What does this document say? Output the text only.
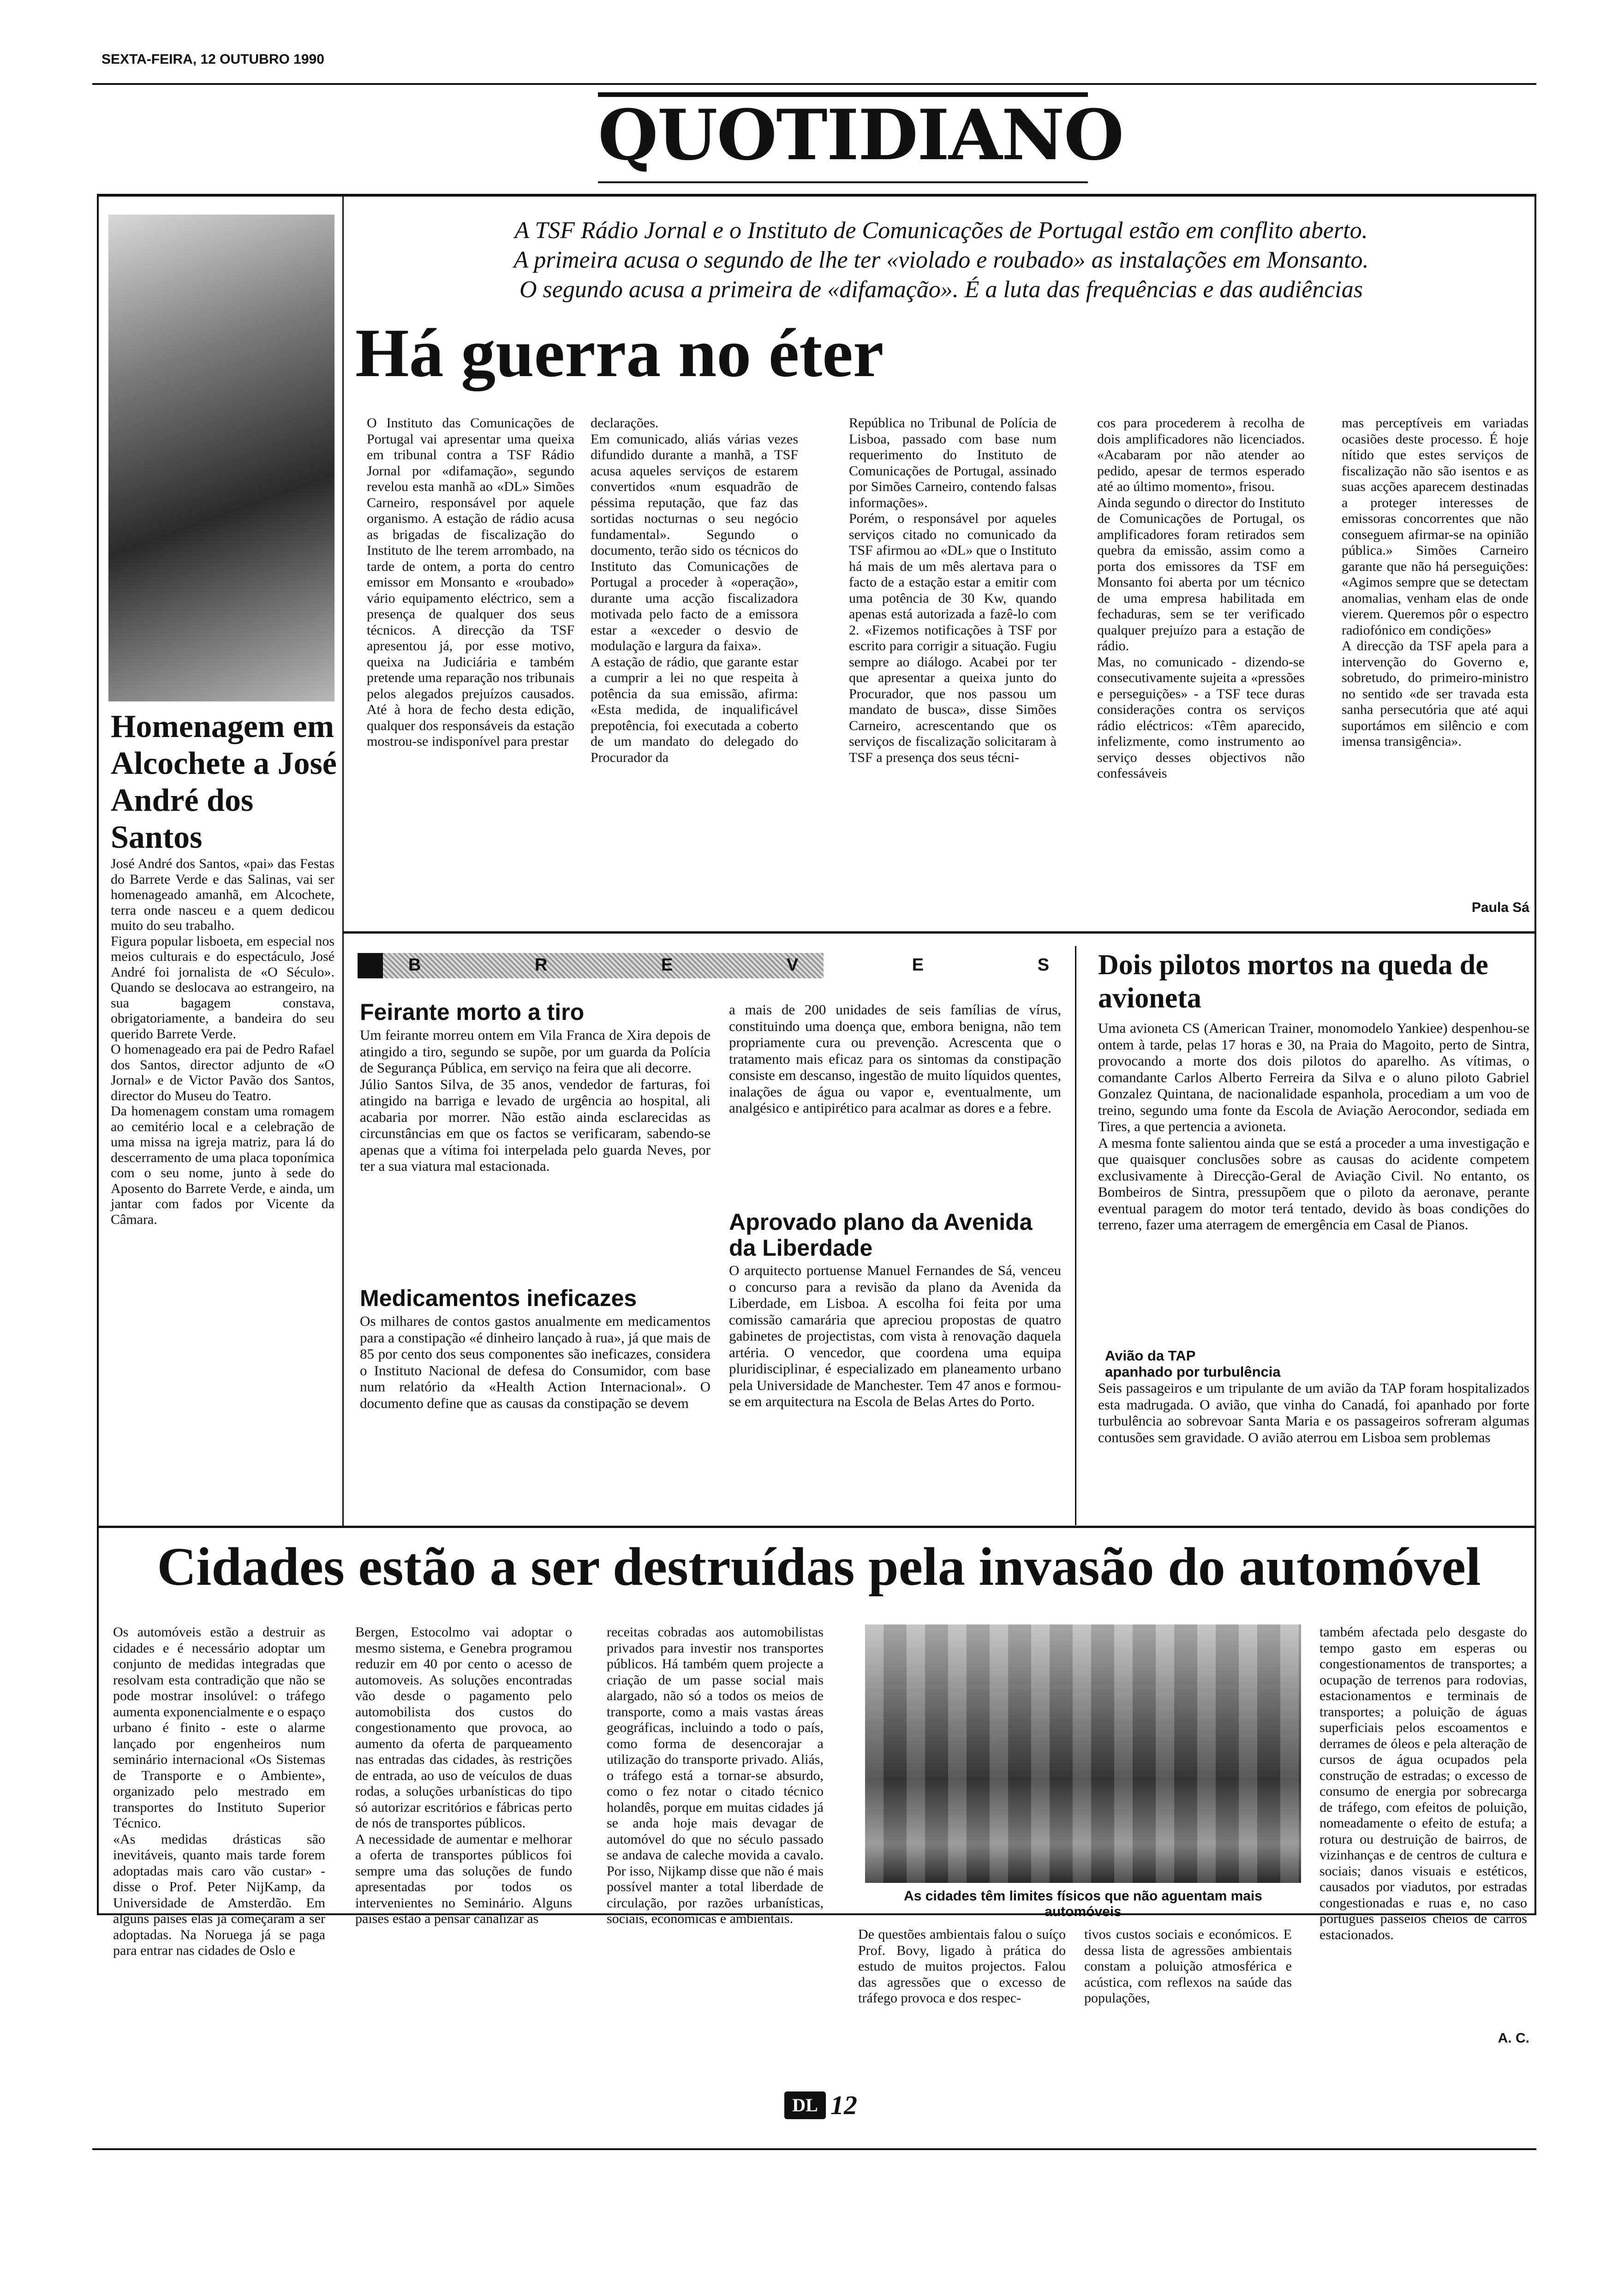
SEXTA-FEIRA, 12 OUTUBRO 1990
QUOTIDIANO
Homenagem em Alcochete a José André dos Santos
José André dos Santos, «pai» das Festas do Barrete Verde e das Salinas, vai ser homenageado amanhã, em Alcochete, terra onde nasceu e a quem dedicou muito do seu trabalho.
Figura popular lisboeta, em especial nos meios culturais e do espectáculo, José André foi jornalista de «O Século». Quando se deslocava ao estrangeiro, na sua bagagem constava, obrigatoriamente, a bandeira do seu querido Barrete Verde.
O homenageado era pai de Pedro Rafael dos Santos, director adjunto de «O Jornal» e de Victor Pavão dos Santos, director do Museu do Teatro.
Da homenagem constam uma romagem ao cemitério local e a celebração de uma missa na igreja matriz, para lá do descerramento de uma placa toponímica com o seu nome, junto à sede do Aposento do Barrete Verde, e ainda, um jantar com fados por Vicente da Câmara.
A TSF Rádio Jornal e o Instituto de Comunicações de Portugal estão em conflito aberto.
A primeira acusa o segundo de lhe ter «violado e roubado» as instalações em Monsanto.
O segundo acusa a primeira de «difamação». É a luta das frequências e das audiências
Há guerra no éter
O Instituto das Comunicações de Portugal vai apresentar uma queixa em tribunal contra a TSF Rádio Jornal por «difamação», segundo revelou esta manhã ao «DL» Simões Carneiro, responsável por aquele organismo. A estação de rádio acusa as brigadas de fiscalização do Instituto de lhe terem arrombado, na tarde de ontem, a porta do centro emissor em Monsanto e «roubado» vário equipamento eléctrico, sem a presença de qualquer dos seus técnicos. A direcção da TSF apresentou já, por esse motivo, queixa na Judiciária e também pretende uma reparação nos tribunais pelos alegados prejuízos causados. Até à hora de fecho desta edição, qualquer dos responsáveis da estação mostrou-se indisponível para prestar
declarações.
Em comunicado, aliás várias vezes difundido durante a manhã, a TSF acusa aqueles serviços de estarem convertidos «num esquadrão de péssima reputação, que faz das sortidas nocturnas o seu negócio fundamental». Segundo o documento, terão sido os técnicos do Instituto das Comunicações de Portugal a proceder à «operação», durante uma acção fiscalizadora motivada pelo facto de a emissora estar a «exceder o desvio de modulação e largura da faixa».
A estação de rádio, que garante estar a cumprir a lei no que respeita à potência da sua emissão, afirma: «Esta medida, de inqualificável prepotência, foi executada a coberto de um mandato do delegado do Procurador da
República no Tribunal de Polícia de Lisboa, passado com base num requerimento do Instituto de Comunicações de Portugal, assinado por Simões Carneiro, contendo falsas informações».
Porém, o responsável por aqueles serviços citado no comunicado da TSF afirmou ao «DL» que o Instituto há mais de um mês alertava para o facto de a estação estar a emitir com uma potência de 30 Kw, quando apenas está autorizada a fazê-lo com 2. «Fizemos notificações à TSF por escrito para corrigir a situação. Fugiu sempre ao diálogo. Acabei por ter que apresentar a queixa junto do Procurador, que nos passou um mandato de busca», disse Simões Carneiro, acrescentando que os serviços de fiscalização solicitaram à TSF a presença dos seus técni-
cos para procederem à recolha de dois amplificadores não licenciados. «Acabaram por não atender ao pedido, apesar de termos esperado até ao último momento», frisou.
Ainda segundo o director do Instituto de Comunicações de Portugal, os amplificadores foram retirados sem quebra da emissão, assim como a porta dos emissores da TSF em Monsanto foi aberta por um técnico de uma empresa habilitada em fechaduras, sem se ter verificado qualquer prejuízo para a estação de rádio.
Mas, no comunicado - dizendo-se consecutivamente sujeita a «pressões e perseguições» - a TSF tece duras considerações contra os serviços rádio eléctricos: «Têm aparecido, infelizmente, como instrumento ao serviço desses objectivos não confessáveis
mas perceptíveis em variadas ocasiões deste processo. É hoje nítido que estes serviços de fiscalização não são isentos e as suas acções aparecem destinadas a proteger interesses de emissoras concorrentes que não conseguem afirmar-se na opinião pública.» Simões Carneiro garante que não há perseguições: «Agimos sempre que se detectam anomalias, venham elas de onde vierem. Queremos pôr o espectro radiofónico em condições»
A direcção da TSF apela para a intervenção do Governo e, sobretudo, do primeiro-ministro no sentido «de ser travada esta sanha persecutória que até aqui suportámos em silêncio e com imensa transigência».
Paula Sá
B R E V E S
Feirante morto a tiro
Um feirante morreu ontem em Vila Franca de Xira depois de atingido a tiro, segundo se supõe, por um guarda da Polícia de Segurança Pública, em serviço na feira que ali decorre.
Júlio Santos Silva, de 35 anos, vendedor de farturas, foi atingido na barriga e levado de urgência ao hospital, ali acabaria por morrer. Não estão ainda esclarecidas as circunstâncias em que os factos se verificaram, sabendo-se apenas que a vítima foi interpelada pelo guarda Neves, por ter a sua viatura mal estacionada.
Medicamentos ineficazes
Os milhares de contos gastos anualmente em medicamentos para a constipação «é dinheiro lançado à rua», já que mais de 85 por cento dos seus componentes são ineficazes, considera o Instituto Nacional de defesa do Consumidor, com base num relatório da «Health Action Internacional». O documento define que as causas da constipação se devem
a mais de 200 unidades de seis famílias de vírus, constituindo uma doença que, embora benigna, não tem propriamente cura ou prevenção. Acrescenta que o tratamento mais eficaz para os sintomas da constipação consiste em descanso, ingestão de muito líquidos quentes, inalações de água ou vapor e, eventualmente, um analgésico e antipirético para acalmar as dores e a febre.
Aprovado plano da Avenida da Liberdade
O arquitecto portuense Manuel Fernandes de Sá, venceu o concurso para a revisão da plano da Avenida da Liberdade, em Lisboa. A escolha foi feita por uma comissão camarária que apreciou propostas de quatro gabinetes de projectistas, com vista à renovação daquela artéria. O vencedor, que coordena uma equipa pluridisciplinar, é especializado em planeamento urbano pela Universidade de Manchester. Tem 47 anos e formou-se em arquitectura na Escola de Belas Artes do Porto.
Dois pilotos mortos na queda de avioneta
Uma avioneta CS (American Trainer, monomodelo Yankiee) despenhou-se ontem à tarde, pelas 17 horas e 30, na Praia do Magoito, perto de Sintra, provocando a morte dos dois pilotos do aparelho. As vítimas, o comandante Carlos Alberto Ferreira da Silva e o aluno piloto Gabriel Gonzalez Quintana, de nacionalidade espanhola, procediam a um voo de treino, segundo uma fonte da Escola de Aviação Aerocondor, sediada em Tires, a que pertencia a avioneta.
A mesma fonte salientou ainda que se está a proceder a uma investigação e que quaisquer conclusões sobre as causas do acidente competem exclusivamente à Direcção-Geral de Aviação Civil. No entanto, os Bombeiros de Sintra, pressupõem que o piloto da aeronave, perante eventual paragem do motor terá tentado, devido às boas condições do terreno, fazer uma aterragem de emergência em Casal de Pianos.
Avião da TAP
apanhado por turbulência
Seis passageiros e um tripulante de um avião da TAP foram hospitalizados esta madrugada. O avião, que vinha do Canadá, foi apanhado por forte turbulência ao sobrevoar Santa Maria e os passageiros sofreram algumas contusões sem gravidade. O avião aterrou em Lisboa sem problemas
Cidades estão a ser destruídas pela invasão do automóvel
Os automóveis estão a destruir as cidades e é necessário adoptar um conjunto de medidas integradas que resolvam esta contradição que não se pode mostrar insolúvel: o tráfego aumenta exponencialmente e o espaço urbano é finito - este o alarme lançado por engenheiros num seminário internacional «Os Sistemas de Transporte e o Ambiente», organizado pelo mestrado em transportes do Instituto Superior Técnico.
«As medidas drásticas são inevitáveis, quanto mais tarde forem adoptadas mais caro vão custar» - disse o Prof. Peter NijKamp, da Universidade de Amsterdão. Em alguns países elas já começaram a ser adoptadas. Na Noruega já se paga para entrar nas cidades de Oslo e
Bergen, Estocolmo vai adoptar o mesmo sistema, e Genebra programou reduzir em 40 por cento o acesso de automoveis. As soluções encontradas vão desde o pagamento pelo automobilista dos custos do congestionamento que provoca, ao aumento da oferta de parqueamento nas entradas das cidades, às restrições de entrada, ao uso de veículos de duas rodas, a soluções urbanísticas do tipo só autorizar escritórios e fábricas perto de nós de transportes públicos.
A necessidade de aumentar e melhorar a oferta de transportes públicos foi sempre uma das soluções de fundo apresentadas por todos os intervenientes no Seminário. Alguns países estão a pensar canalizar as
receitas cobradas aos automobilistas privados para investir nos transportes públicos. Há também quem projecte a criação de um passe social mais alargado, não só a todos os meios de transporte, como a mais vastas áreas geográficas, incluindo a todo o país, como forma de desencorajar a utilização do transporte privado. Aliás, o tráfego está a tornar-se absurdo, como o fez notar o citado técnico holandês, porque em muitas cidades já se anda hoje mais devagar de automóvel do que no século passado se andava de caleche movida a cavalo. Por isso, Nijkamp disse que não é mais possível manter a total liberdade de circulação, por razões urbanísticas, sociais, económicas e ambientais.
As cidades têm limites físicos que não aguentam mais automóveis
De questões ambientais falou o suíço Prof. Bovy, ligado à prática do estudo de muitos projectos. Falou das agressões que o excesso de tráfego provoca e dos respec-
tivos custos sociais e económicos. E dessa lista de agressões ambientais constam a poluição atmosférica e acústica, com reflexos na saúde das populações,
também afectada pelo desgaste do tempo gasto em esperas ou congestionamentos de transportes; a ocupação de terrenos para rodovias, estacionamentos e terminais de transportes; a poluição de águas superficiais pelos escoamentos e derrames de óleos e pela alteração de cursos de água ocupados pela construção de estradas; o excesso de consumo de energia por sobrecarga de tráfego, com efeitos de poluição, nomeadamente o efeito de estufa; a rotura ou destruição de bairros, de vizinhanças e de centros de cultura e sociais; danos visuais e estéticos, causados por viadutos, por estradas congestionadas e ruas e, no caso português passeios cheios de carros estacionados.
A. C.
DL 12
